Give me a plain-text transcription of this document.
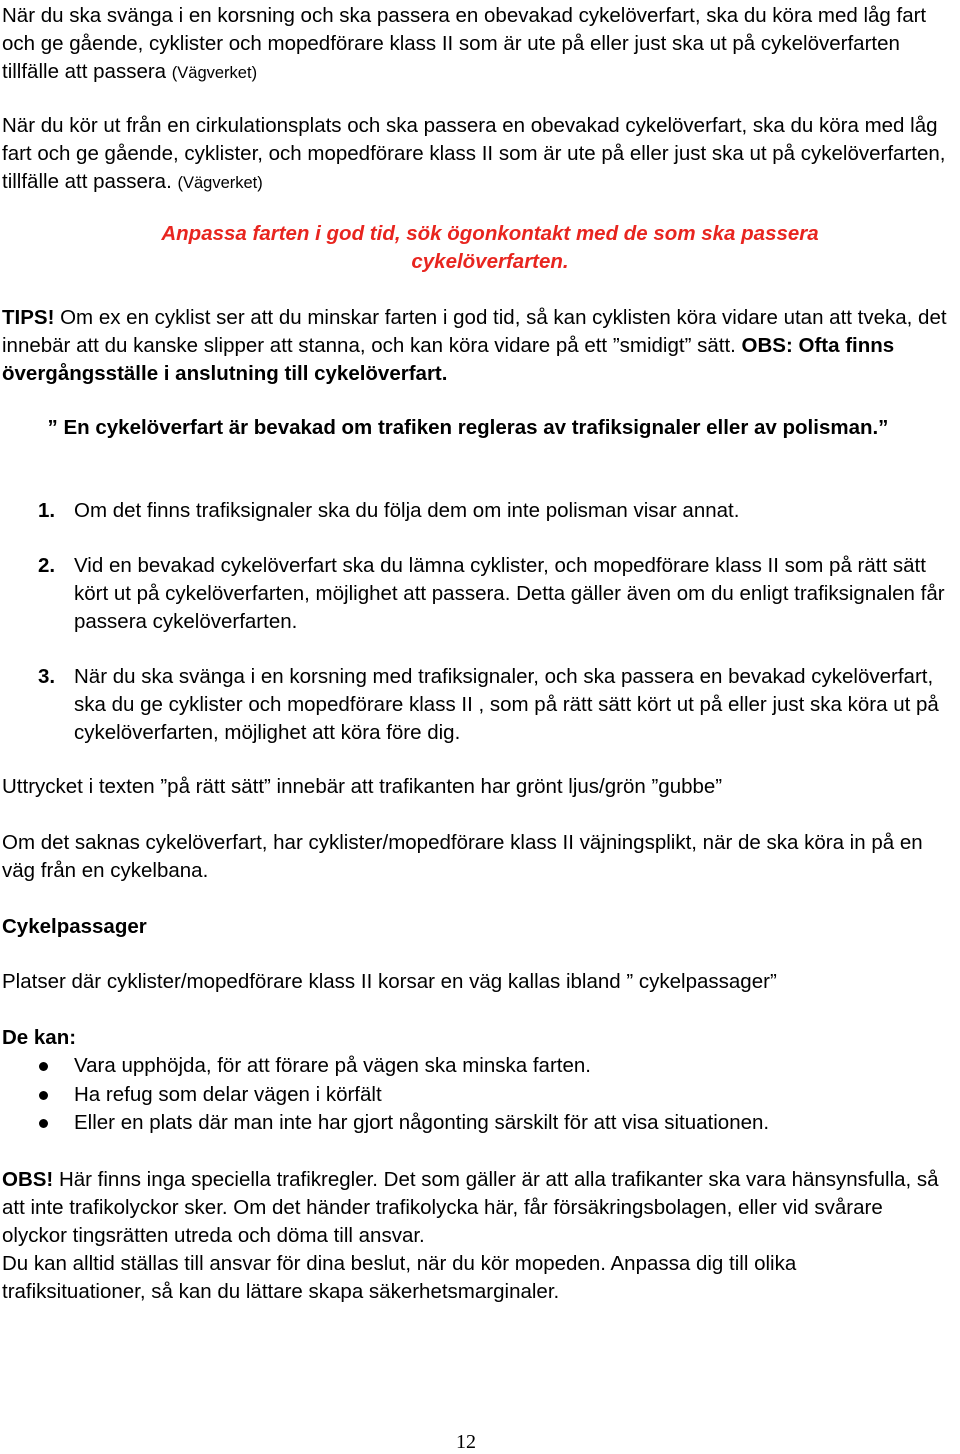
När du ska svänga i en korsning och ska passera en obevakad cykelöverfart, ska du köra med låg fart och ge gående, cyklister och mopedförare klass II som är ute på eller just ska ut på cykelöverfarten tillfälle att passera (Vägverket)

När du kör ut från en cirkulationsplats och ska passera en obevakad cykelöverfart, ska du köra med låg fart och ge gående, cyklister, och mopedförare klass II som är ute på eller just ska ut på cykelöverfarten, tillfälle att passera. (Vägverket)

Anpassa farten i god tid, sök ögonkontakt med de som ska passera cykelöverfarten.

TIPS! Om ex en cyklist ser att du minskar farten i god tid, så kan cyklisten köra vidare utan att tveka, det innebär att du kanske slipper att stanna, och kan köra vidare på ett ”smidigt” sätt. OBS: Ofta finns övergångsställe i anslutning till cykelöverfart.

” En cykelöverfart är bevakad om trafiken regleras av trafiksignaler eller av polisman.”

1. Om det finns trafiksignaler ska du följa dem om inte polisman visar annat.

2. Vid en bevakad cykelöverfart ska du lämna cyklister, och mopedförare klass II som på rätt sätt kört ut på cykelöverfarten, möjlighet att passera. Detta gäller även om du enligt trafiksignalen får passera cykelöverfarten.

3. När du ska svänga i en korsning med trafiksignaler, och ska passera en bevakad cykelöverfart, ska du ge cyklister och mopedförare klass II , som på rätt sätt kört ut på eller just ska köra ut på cykelöverfarten, möjlighet att köra före dig.

Uttrycket i texten ”på rätt sätt” innebär att trafikanten har grönt ljus/grön ”gubbe”

Om det saknas cykelöverfart, har cyklister/mopedförare klass II väjningsplikt, när de ska köra in på en väg från en cykelbana.

Cykelpassager

Platser där cyklister/mopedförare klass II korsar en väg kallas ibland ” cykelpassager”

De kan:

Vara upphöjda, för att förare på vägen ska minska farten.
Ha refug som delar vägen i körfält
Eller en plats där man inte har gjort någonting särskilt för att visa situationen.

OBS! Här finns inga speciella trafikregler. Det som gäller är att alla trafikanter ska vara hänsynsfulla, så att inte trafikolyckor sker. Om det händer trafikolycka här, får försäkringsbolagen, eller vid svårare olyckor tingsrätten utreda och döma till ansvar.

Du kan alltid ställas till ansvar för dina beslut, när du kör mopeden. Anpassa dig till olika trafiksituationer, så kan du lättare skapa säkerhetsmarginaler.

12
